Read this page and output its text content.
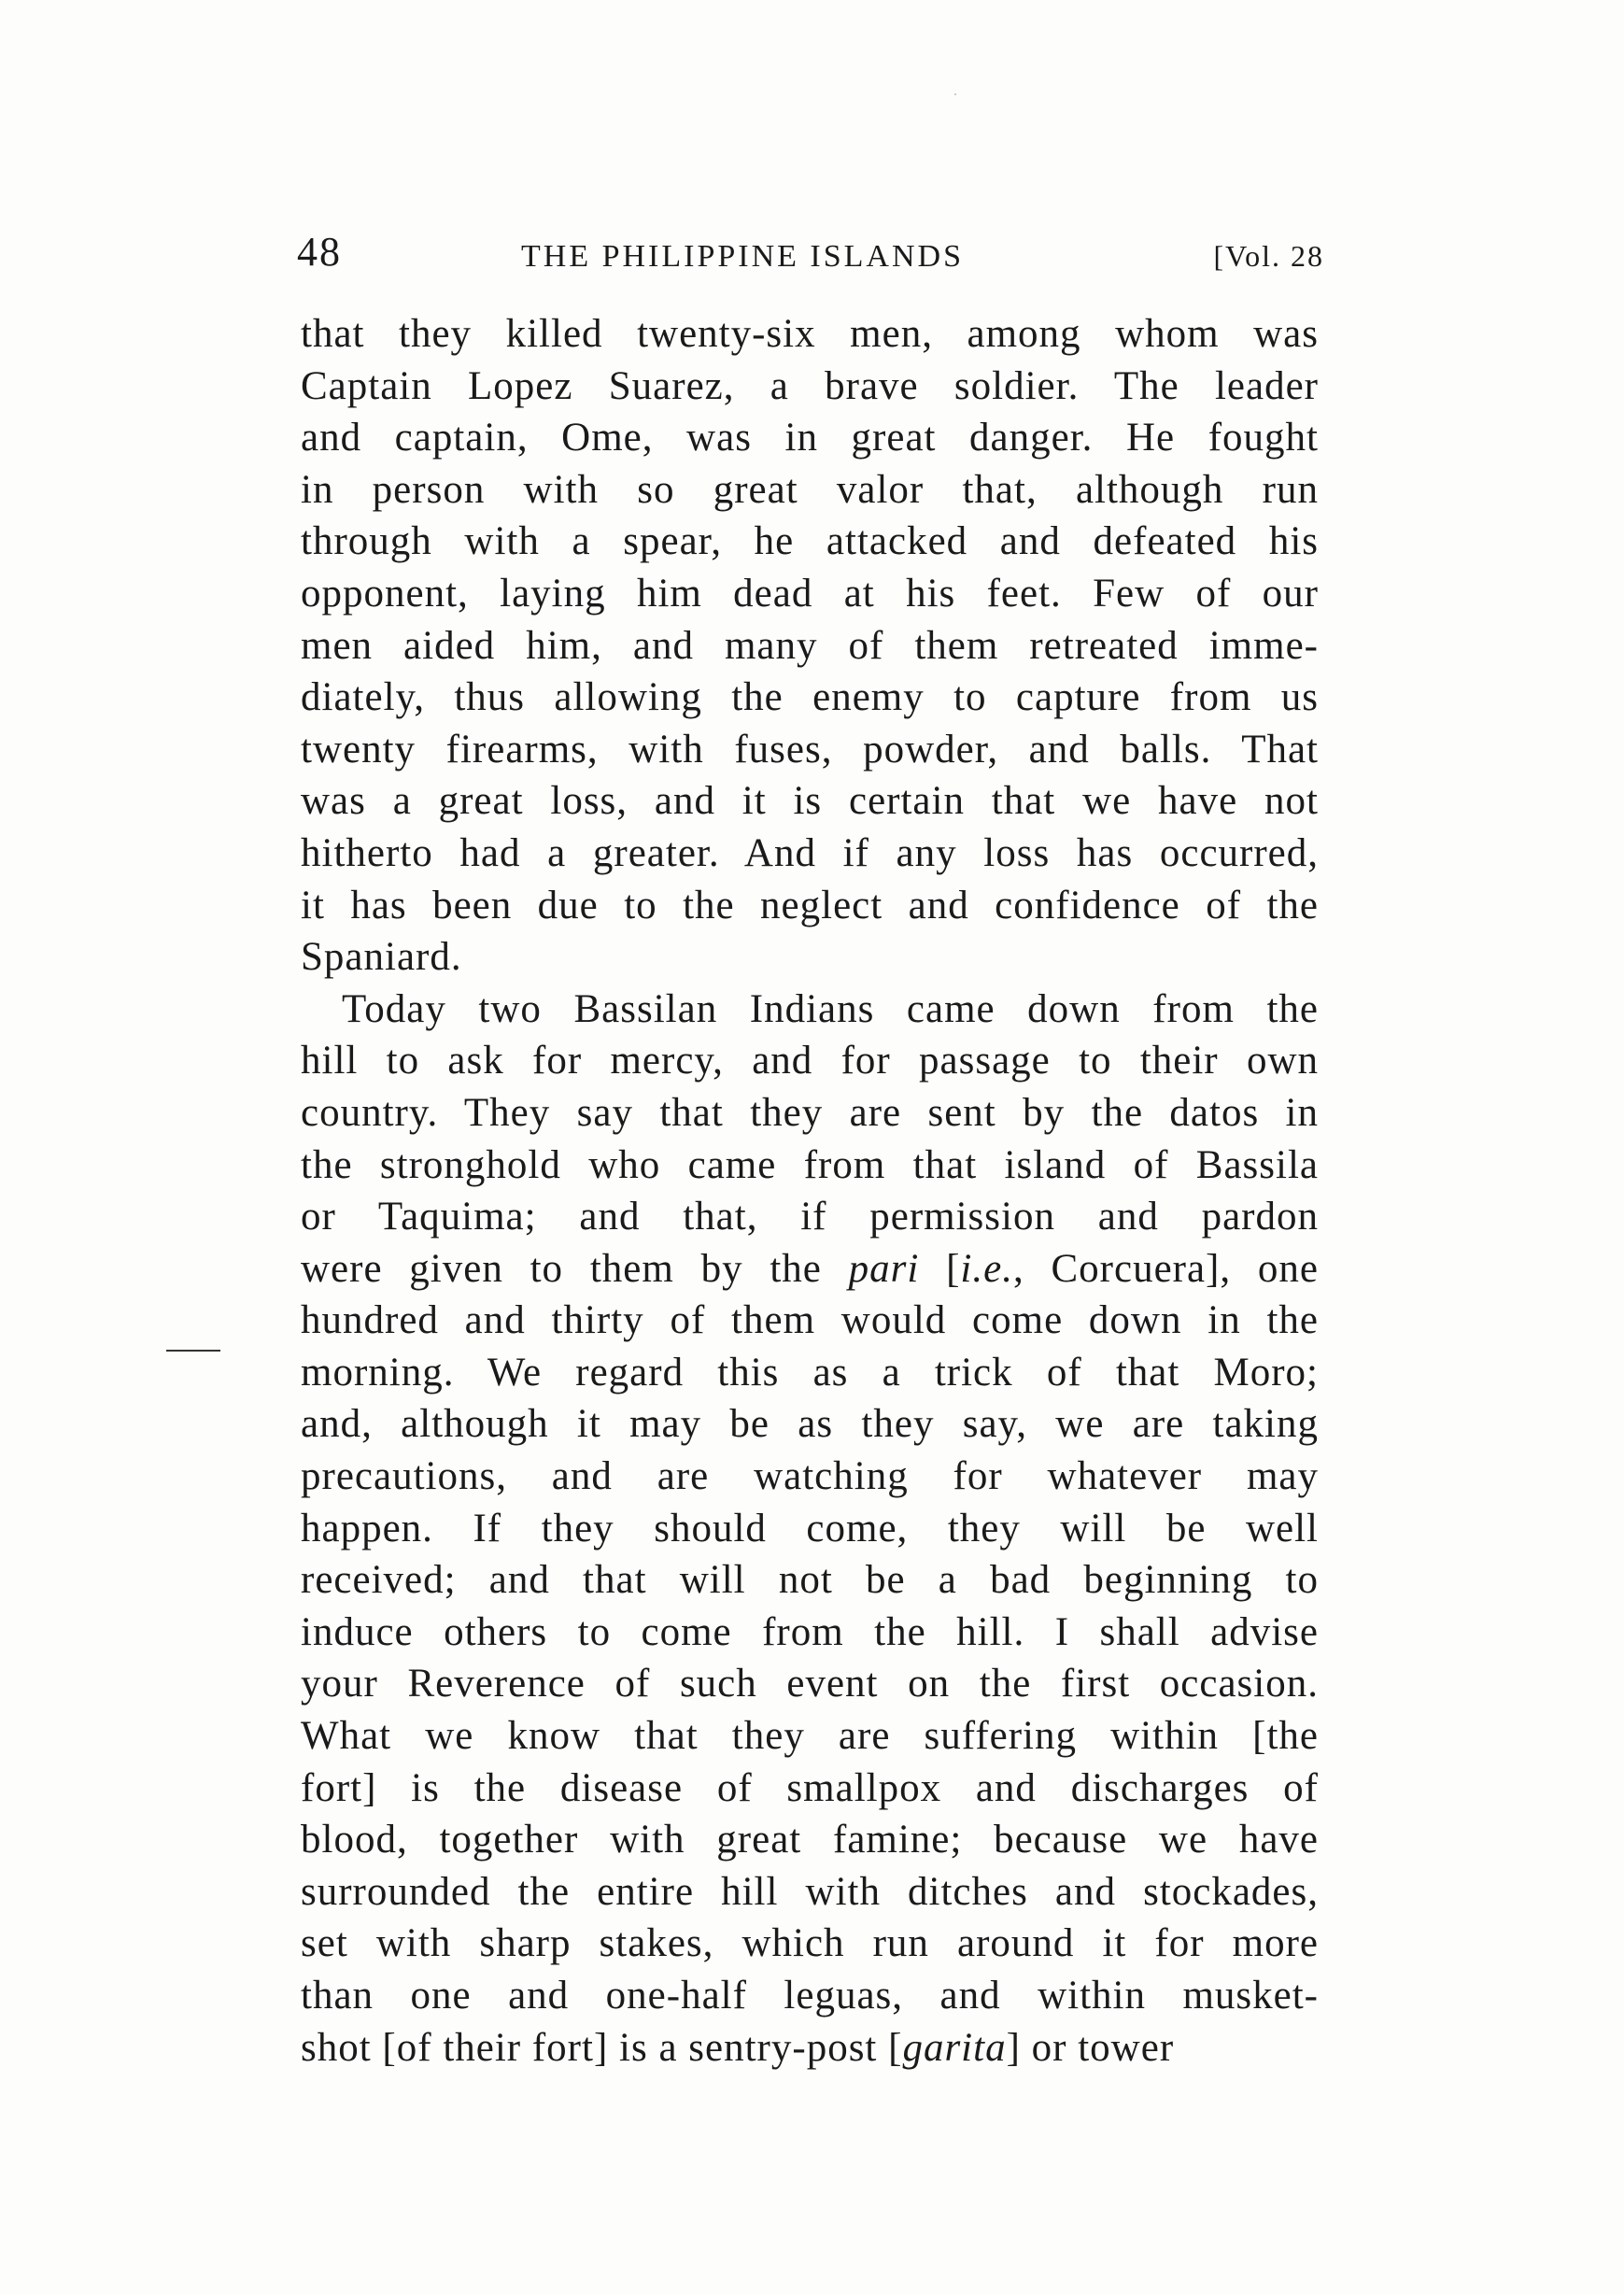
48	THE PHILIPPINE ISLANDS	[Vol. 28
that they killed twenty-six men, among whom was
Captain Lopez Suarez, a brave soldier. The leader
and captain, Ome, was in great danger. He fought
in person with so great valor that, although run
through with a spear, he attacked and defeated his
opponent, laying him dead at his feet. Few of our
men aided him, and many of them retreated imme-
diately, thus allowing the enemy to capture from us
twenty firearms, with fuses, powder, and balls. That
was a great loss, and it is certain that we have not
hitherto had a greater. And if any loss has occurred,
it has been due to the neglect and confidence of the
Spaniard.
Today two Bassilan Indians came down from the
hill to ask for mercy, and for passage to their own
country. They say that they are sent by the datos in
the stronghold who came from that island of Bassila
or Taquima; and that, if permission and pardon
were given to them by the pari [i.e., Corcuera], one
hundred and thirty of them would come down in the
morning. We regard this as a trick of that Moro;
and, although it may be as they say, we are taking
precautions, and are watching for whatever may
happen. If they should come, they will be well
received; and that will not be a bad beginning to
induce others to come from the hill. I shall advise
your Reverence of such event on the first occasion.
What we know that they are suffering within [the
fort] is the disease of smallpox and discharges of
blood, together with great famine; because we have
surrounded the entire hill with ditches and stockades,
set with sharp stakes, which run around it for more
than one and one-half leguas, and within musket-
shot [of their fort] is a sentry-post [garita] or tower
